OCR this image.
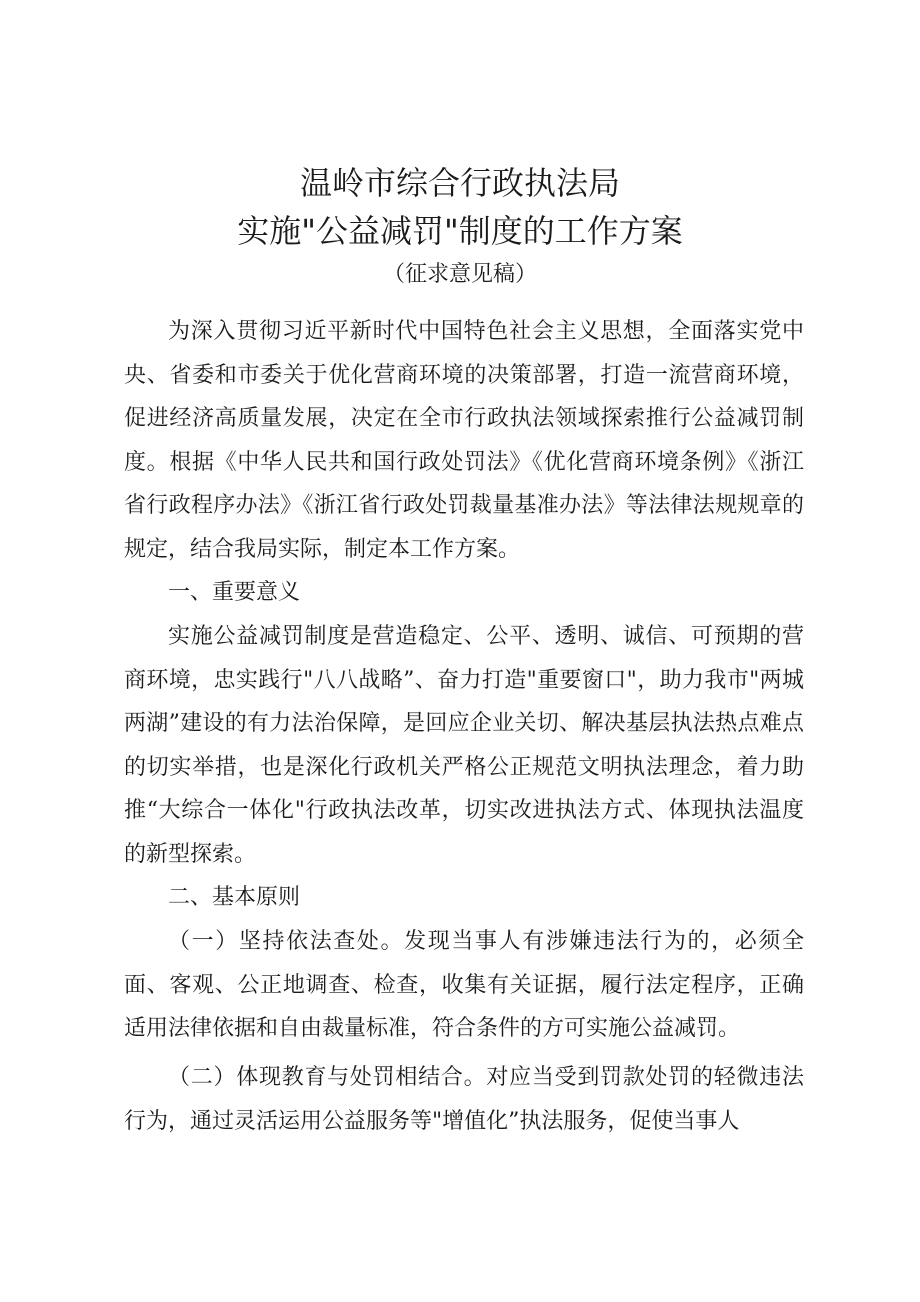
温岭市综合行政执法局
实施"公益减罚"制度的工作方案
（征求意见稿）

为深入贯彻习近平新时代中国特色社会主义思想，全面落实党中央、省委和市委关于优化营商环境的决策部署，打造一流营商环境，促进经济高质量发展，决定在全市行政执法领域探索推行公益减罚制度。根据《中华人民共和国行政处罚法》《优化营商环境条例》《浙江省行政程序办法》《浙江省行政处罚裁量基准办法》等法律法规规章的规定，结合我局实际，制定本工作方案。

一、重要意义

实施公益减罚制度是营造稳定、公平、透明、诚信、可预期的营商环境，忠实践行"八八战略”、奋力打造"重要窗口"，助力我市"两城两湖”建设的有力法治保障，是回应企业关切、解决基层执法热点难点的切实举措，也是深化行政机关严格公正规范文明执法理念，着力助推“大综合一体化"行政执法改革，切实改进执法方式、体现执法温度的新型探索。

二、基本原则

（一）坚持依法查处。发现当事人有涉嫌违法行为的，必须全面、客观、公正地调查、检查，收集有关证据，履行法定程序，正确适用法律依据和自由裁量标准，符合条件的方可实施公益减罚。

（二）体现教育与处罚相结合。对应当受到罚款处罚的轻微违法行为，通过灵活运用公益服务等"增值化”执法服务，促使当事人
